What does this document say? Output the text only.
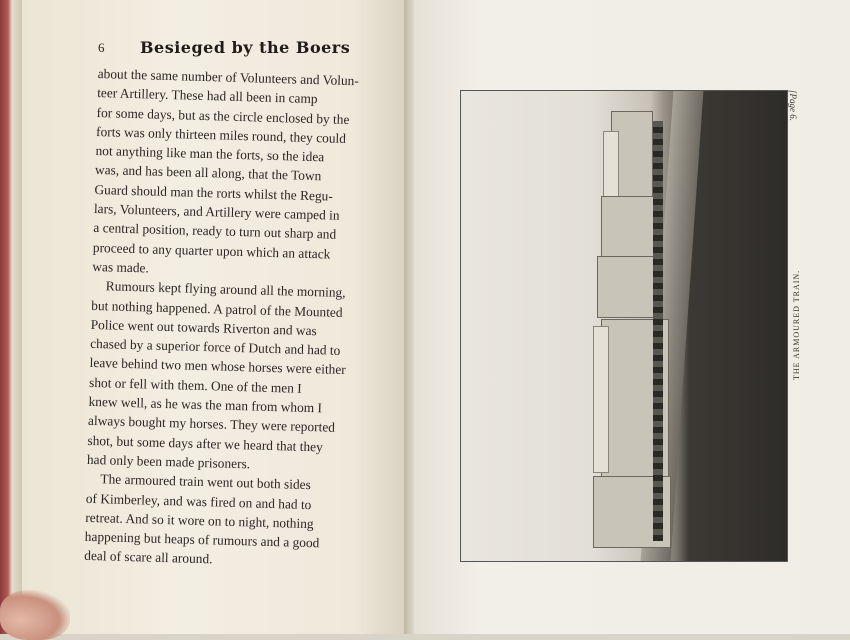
6 Besieged by the Boers

about the same number of Volunteers and Volun-
teer Artillery. These had all been in camp
for some days, but as the circle enclosed by the
forts was only thirteen miles round, they could
not anything like man the forts, so the idea
was, and has been all along, that the Town
Guard should man the rorts whilst the Regu-
lars, Volunteers, and Artillery were camped in
a central position, ready to turn out sharp and
proceed to any quarter upon which an attack
was made.
Rumours kept flying around all the morning,
but nothing happened. A patrol of the Mounted
Police went out towards Riverton and was
chased by a superior force of Dutch and had to
leave behind two men whose horses were either
shot or fell with them. One of the men I
knew well, as he was the man from whom I
always bought my horses. They were reported
shot, but some days after we heard that they
had only been made prisoners.
The armoured train went out both sides
of Kimberley, and was fired on and had to
retreat. And so it wore on to night, nothing
happening but heaps of rumours and a good
deal of scare all around.

THE ARMOURED TRAIN.
[Page 6.
